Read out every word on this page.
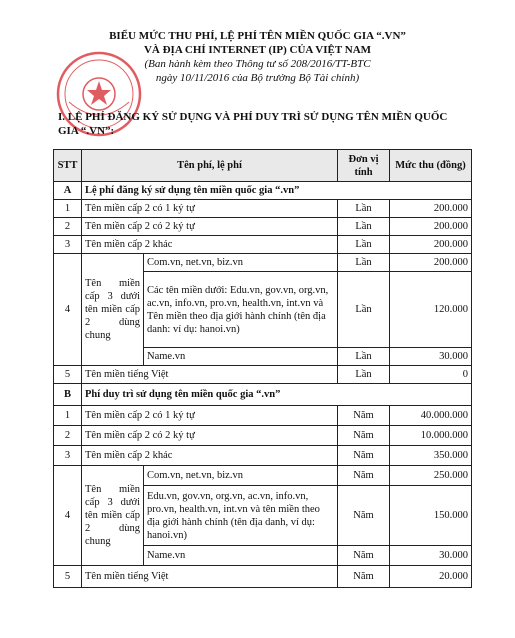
BIỂU MỨC THU PHÍ, LỆ PHÍ TÊN MIỀN QUỐC GIA “.VN”
VÀ ĐỊA CHỈ INTERNET (IP) CỦA VIỆT NAM
(Ban hành kèm theo Thông tư số 208/2016/TT-BTC
ngày 10/11/2016 của Bộ trưởng Bộ Tài chính)
I. LỆ PHÍ ĐĂNG KÝ SỬ DỤNG VÀ PHÍ DUY TRÌ SỬ DỤNG TÊN MIỀN QUỐC GIA “.VN”:
STT	Tên phí, lệ phí		Đơn vị tính	Mức thu (đồng)
A	Lệ phí đăng ký sử dụng tên miền quốc gia “.vn”			
1	Tên miền cấp 2 có 1 ký tự		Lần	200.000
2	Tên miền cấp 2 có 2 ký tự		Lần	200.000
3	Tên miền cấp 2 khác		Lần	200.000
4	Tên miền cấp 3 dưới tên miền cấp 2 dùng chung	Com.vn, net.vn, biz.vn	Lần	200.000
		Các tên miền dưới: Edu.vn, gov.vn, org.vn, ac.vn, info.vn, pro.vn, health.vn, int.vn và Tên miền theo địa giới hành chính (tên địa danh: ví dụ: hanoi.vn)	Lần	120.000
		Name.vn	Lần	30.000
5	Tên miền tiếng Việt		Lần	0
B	Phí duy trì sử dụng tên miền quốc gia “.vn”			
1	Tên miền cấp 2 có 1 ký tự		Năm	40.000.000
2	Tên miền cấp 2 có 2 ký tự		Năm	10.000.000
3	Tên miền cấp 2 khác		Năm	350.000
4	Tên miền cấp 3 dưới tên miền cấp 2 dùng chung	Com.vn, net.vn, biz.vn	Năm	250.000
		Edu.vn, gov.vn, org.vn, ac.vn, info.vn, pro.vn, health.vn, int.vn và tên miền theo địa giới hành chính (tên địa danh, ví dụ: hanoi.vn)	Năm	150.000
		Name.vn	Năm	30.000
5	Tên miền tiếng Việt		Năm	20.000
